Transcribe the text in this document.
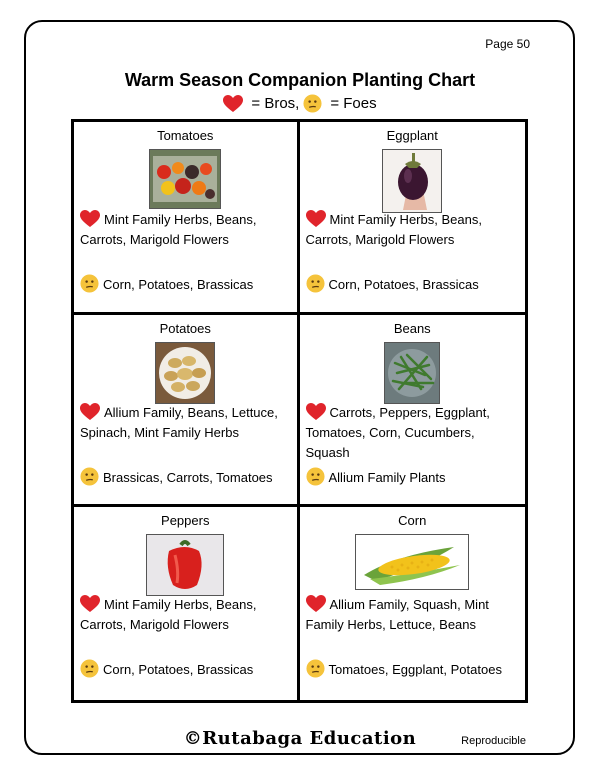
Page 50
Warm Season Companion Planting Chart
= Bros, = Foes
Tomatoes
Mint Family Herbs, Beans, Carrots, Marigold Flowers
Corn, Potatoes, Brassicas
Eggplant
Mint Family Herbs, Beans, Carrots, Marigold Flowers
Corn, Potatoes, Brassicas
Potatoes
Allium Family, Beans, Lettuce, Spinach, Mint Family Herbs
Brassicas, Carrots, Tomatoes
Beans
Carrots, Peppers, Eggplant, Tomatoes, Corn, Cucumbers, Squash
Allium Family Plants
Peppers
Mint Family Herbs, Beans, Carrots, Marigold Flowers
Corn, Potatoes, Brassicas
Corn
Allium Family, Squash, Mint Family Herbs, Lettuce, Beans
Tomatoes, Eggplant, Potatoes
©Rutabaga Education	Reproducible
